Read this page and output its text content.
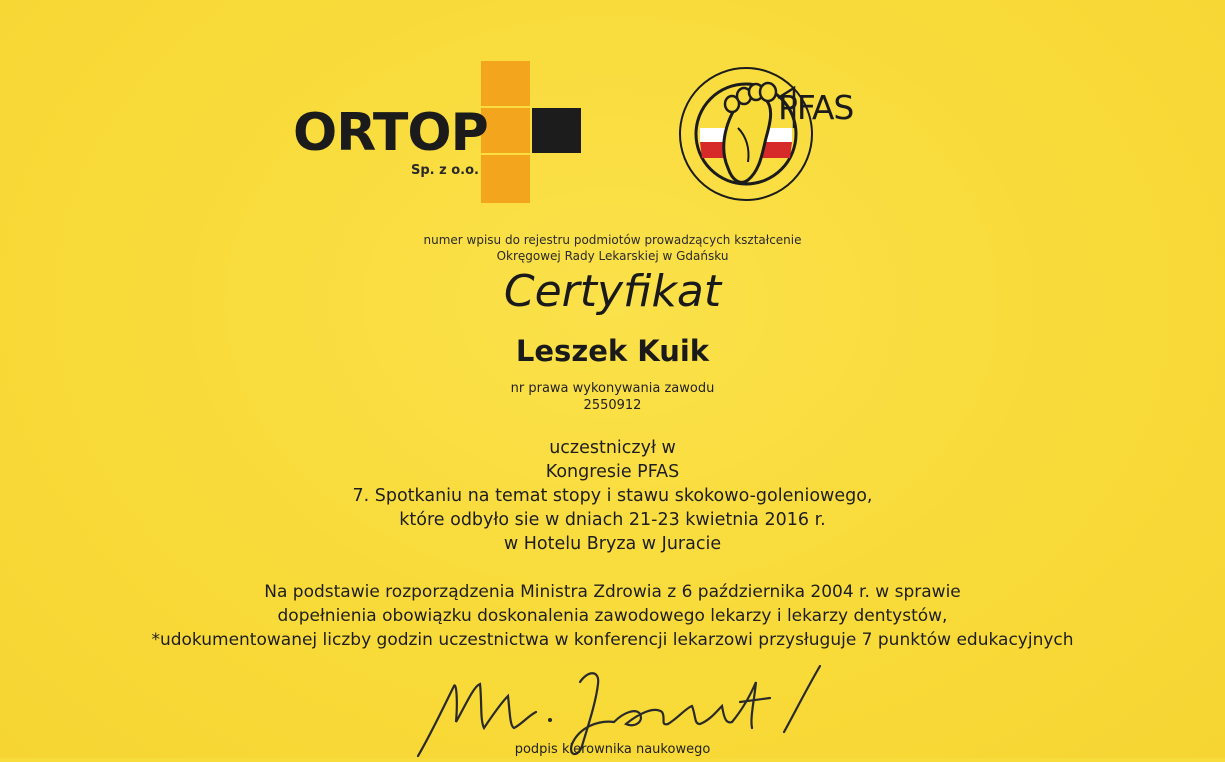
ORTOP
Sp. z o.o.
PFAS
numer wpisu do rejestru podmiotów prowadzących kształcenie
Okręgowej Rady Lekarskiej w Gdańsku
Certyfikat
Leszek Kuik
nr prawa wykonywania zawodu
2550912
uczestniczył w
Kongresie PFAS
7. Spotkaniu na temat stopy i stawu skokowo-goleniowego,
które odbyło sie w dniach 21-23 kwietnia 2016 r.
w Hotelu Bryza w Juracie
Na podstawie rozporządzenia Ministra Zdrowia z 6 października 2004 r. w sprawie
dopełnienia obowiązku doskonalenia zawodowego lekarzy i lekarzy dentystów,
*udokumentowanej liczby godzin uczestnictwa w konferencji lekarzowi przysługuje 7 punktów edukacyjnych
podpis kierownika naukowego
